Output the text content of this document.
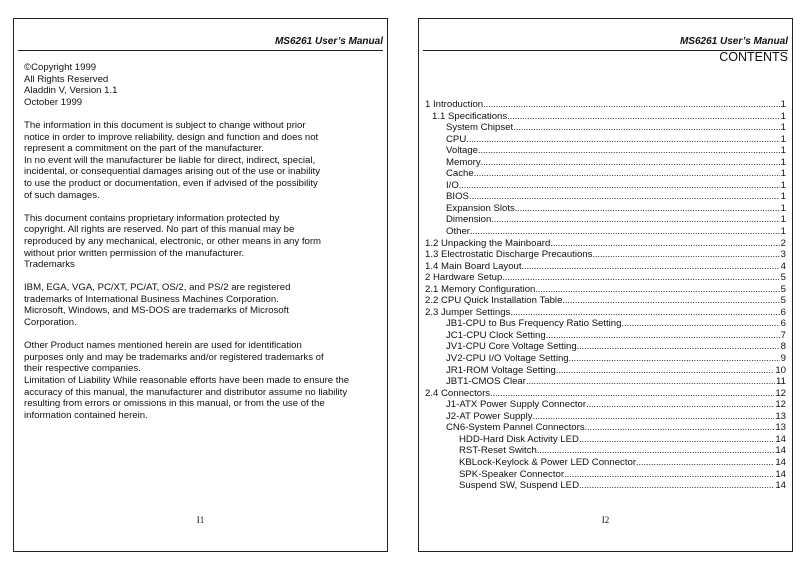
MS6261 User’s Manual
©Copyright 1999
All Rights Reserved
Aladdin V, Version 1.1
October 1999
The information in this document is subject to change without prior
notice in order to improve reliability, design and function and does not
represent a commitment on the part of the manufacturer.
In no event will the manufacturer be liable for direct, indirect, special,
incidental, or consequential damages arising out of the use or inability
to use the product or documentation, even if advised of the possibility
of such damages.
This document contains proprietary information protected by
copyright. All rights are reserved. No part of this manual may be
reproduced by any mechanical, electronic, or other means in any form
without prior written permission of the manufacturer.
Trademarks
IBM, EGA, VGA, PC/XT, PC/AT, OS/2, and PS/2 are registered
trademarks of International Business Machines Corporation.
Microsoft, Windows, and MS-DOS are trademarks of Microsoft
Corporation.
Other Product names mentioned herein are used for identification
purposes only and may be trademarks and/or registered trademarks of
their respective companies.
Limitation of Liability While reasonable efforts have been made to ensure the
accuracy of this manual, the manufacturer and distributor assume no liability
resulting from errors or omissions in this manual, or from the use of the
information contained herein.
I1
MS6261 User’s Manual
CONTENTS
1 Introduction .....	1
1.1 Specifications .....	1
System Chipset .....	1
CPU .....	1
Voltage .....	1
Memory .....	1
Cache .....	1
I/O .....	1
BIOS .....	1
Expansion Slots .....	1
Dimension .....	1
Other .....	1
1.2 Unpacking the Mainboard .....	2
1.3 Electrostatic Discharge Precautions .....	3
1.4 Main Board Layout .....	4
2 Hardware Setup .....	5
2.1 Memory Configuration .....	5
2.2 CPU Quick Installation Table .....	5
2.3 Jumper Settings .....	6
JB1-CPU to Bus Frequency Ratio Setting .....	6
JC1-CPU Clock Setting .....	7
JV1-CPU Core Voltage Setting .....	8
JV2-CPU I/O Voltage Setting .....	9
JR1-ROM Voltage Setting .....	10
JBT1-CMOS Clear .....	11
2.4 Connectors .....	12
J1-ATX Power Supply Connector .....	12
J2-AT Power Supply .....	13
CN6-System Pannel Connectors .....	13
HDD-Hard Disk Activity LED .....	14
RST-Reset Switch .....	14
KBLock-Keylock & Power LED Connector .....	14
SPK-Speaker Connector .....	14
Suspend SW, Suspend LED .....	14
I2
